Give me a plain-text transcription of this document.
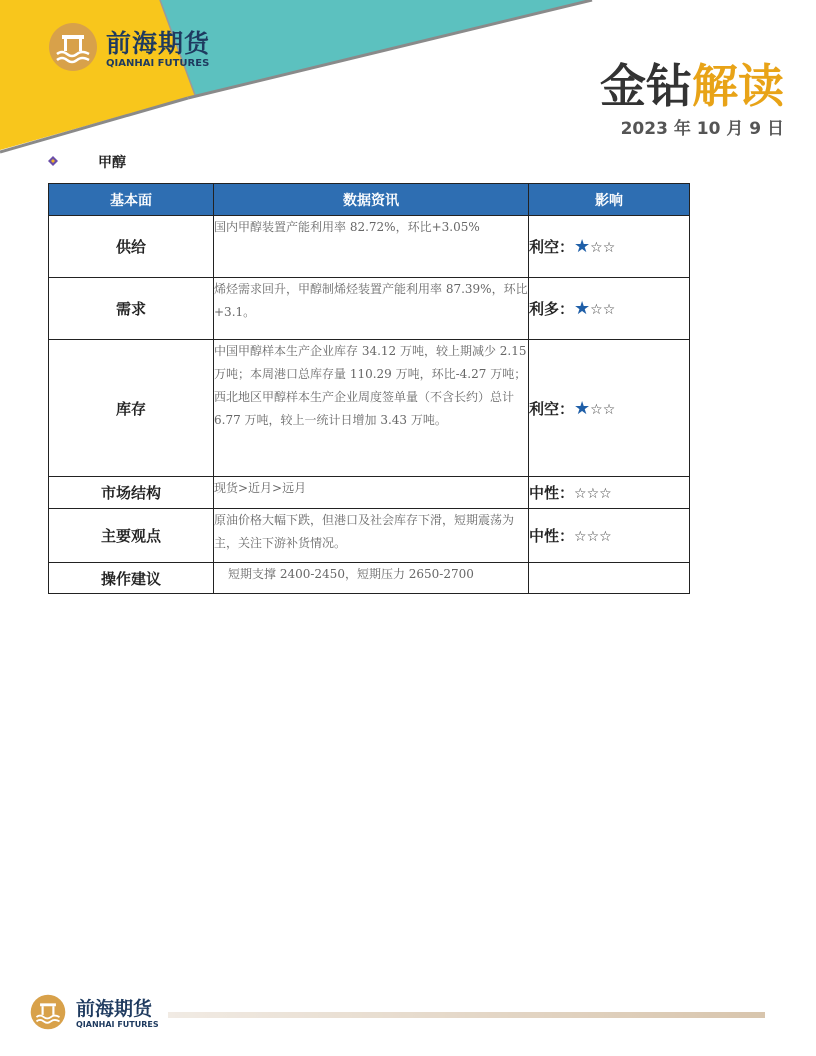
前海期货
QIANHAI FUTURES	金钻解读
2023 年 10 月 9 日
甲醇
基本面	数据资讯	影响
供给	国内甲醇装置产能利用率 82.72%，环比+3.05%	利空：★☆☆
需求	烯烃需求回升，甲醇制烯烃装置产能利用率 87.39%，环比+3.1。	利多：★☆☆
库存	中国甲醇样本生产企业库存 34.12 万吨，较上期减少 2.15 万吨；本周港口总库存量 110.29 万吨，环比-4.27 万吨；西北地区甲醇样本生产企业周度签单量（不含长约）总计 6.77 万吨，较上一统计日增加 3.43 万吨。	利空：★☆☆
市场结构	现货>近月>远月	中性：☆☆☆
主要观点	原油价格大幅下跌，但港口及社会库存下滑，短期震荡为主，关注下游补货情况。	中性：☆☆☆
操作建议	短期支撑 2400-2450，短期压力 2650-2700	
前海期货
QIANHAI FUTURES
